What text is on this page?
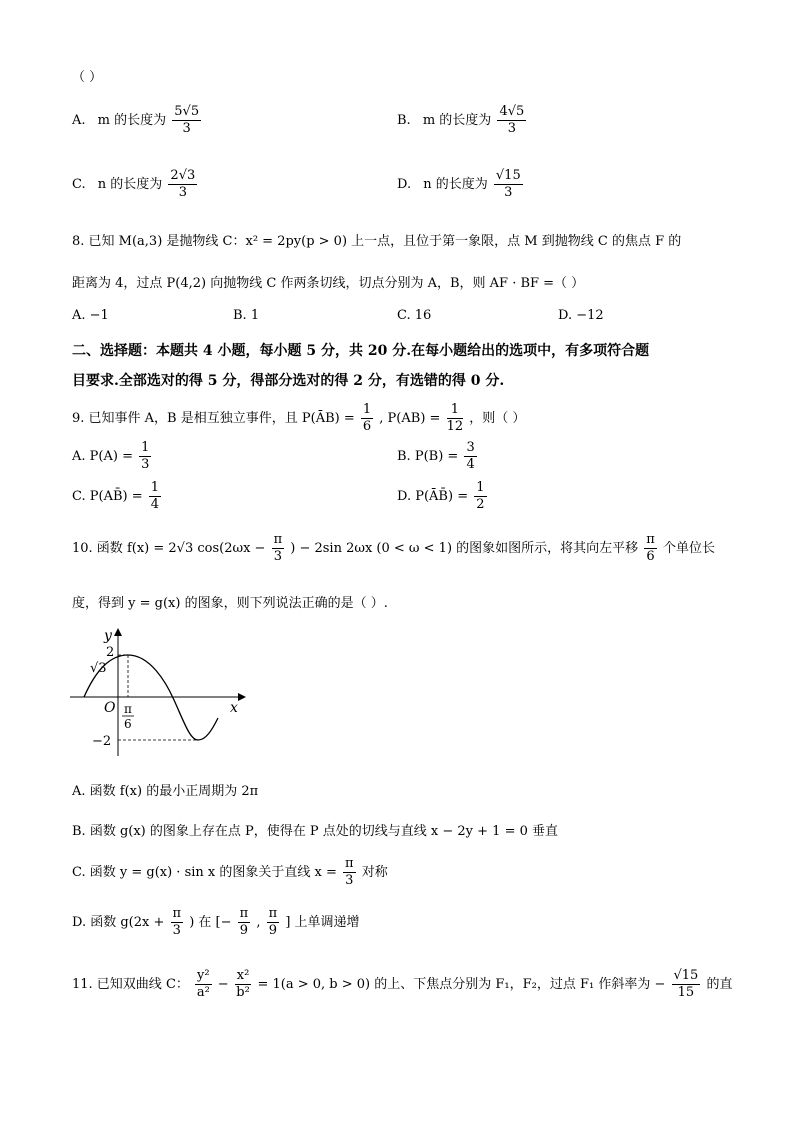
（ ）
A. m 的长度为 $\frac{5√5}{3}$	B. m 的长度为 $\frac{4√5}{3}$
C. n 的长度为 $\frac{2√3}{3}$	D. n 的长度为 $\frac{√15}{3}$
8. 已知 M(a,3) 是抛物线 C：x² = 2py(p > 0) 上一点，且位于第一象限，点 M 到抛物线 C 的焦点 F 的
距离为 4，过点 P(4,2) 向抛物线 C 作两条切线，切点分别为 A，B，则 AF · BF =（ ）
A. −1	B. 1	C. 16	D. −12
二、选择题：本题共 4 小题，每小题 5 分，共 20 分.在每小题给出的选项中，有多项符合题
目要求.全部选对的得 5 分，得部分选对的得 2 分，有选错的得 0 分.
9. 已知事件 A，B 是相互独立事件，且 P(ĀB) = $\frac{1}{6}$ , $P(AB) = \frac{1}{12}$ ，则（ ）
A. $P(A) = \frac{1}{3}$	B. $P(B) = \frac{3}{4}$
C. P(AB̄) = $\frac{1}{4}$	D. P(ĀB̄) = $\frac{1}{2}$
10. 函数 f(x) = 2√3 $\cos(2\omega x - \frac{\pi}{3}$ ) − 2sin 2ωx (0 < ω < 1) 的图象如图所示，将其向左平移 $\frac{\pi}{6}$ 个单位长
度，得到 y = g(x) 的图象，则下列说法正确的是（ ）.
y
x
O
2
√3
−2
π
6
A. 函数 f(x) 的最小正周期为 2π
B. 函数 g(x) 的图象上存在点 P，使得在 P 点处的切线与直线 x − 2y + 1 = 0 垂直
C. 函数 y = g(x) · sin x 的图象关于直线 $x = \frac{\pi}{3}$ 对称
D. 函数 $g(2x + \frac{\pi}{3}$ ) 在 [− $\frac{\pi}{9}$ , $\frac{\pi}{9}$ ] 上单调递增
11. 已知双曲线 C： $\frac{\text{y²}}{\text{a²}} - \frac{\text{x²}}{\text{b²}} = 1(a > 0$, b > 0) 的上、下焦点分别为 F₁，F₂，过点 F₁ 作斜率为 − $\frac{√15}{15}$ 的直
